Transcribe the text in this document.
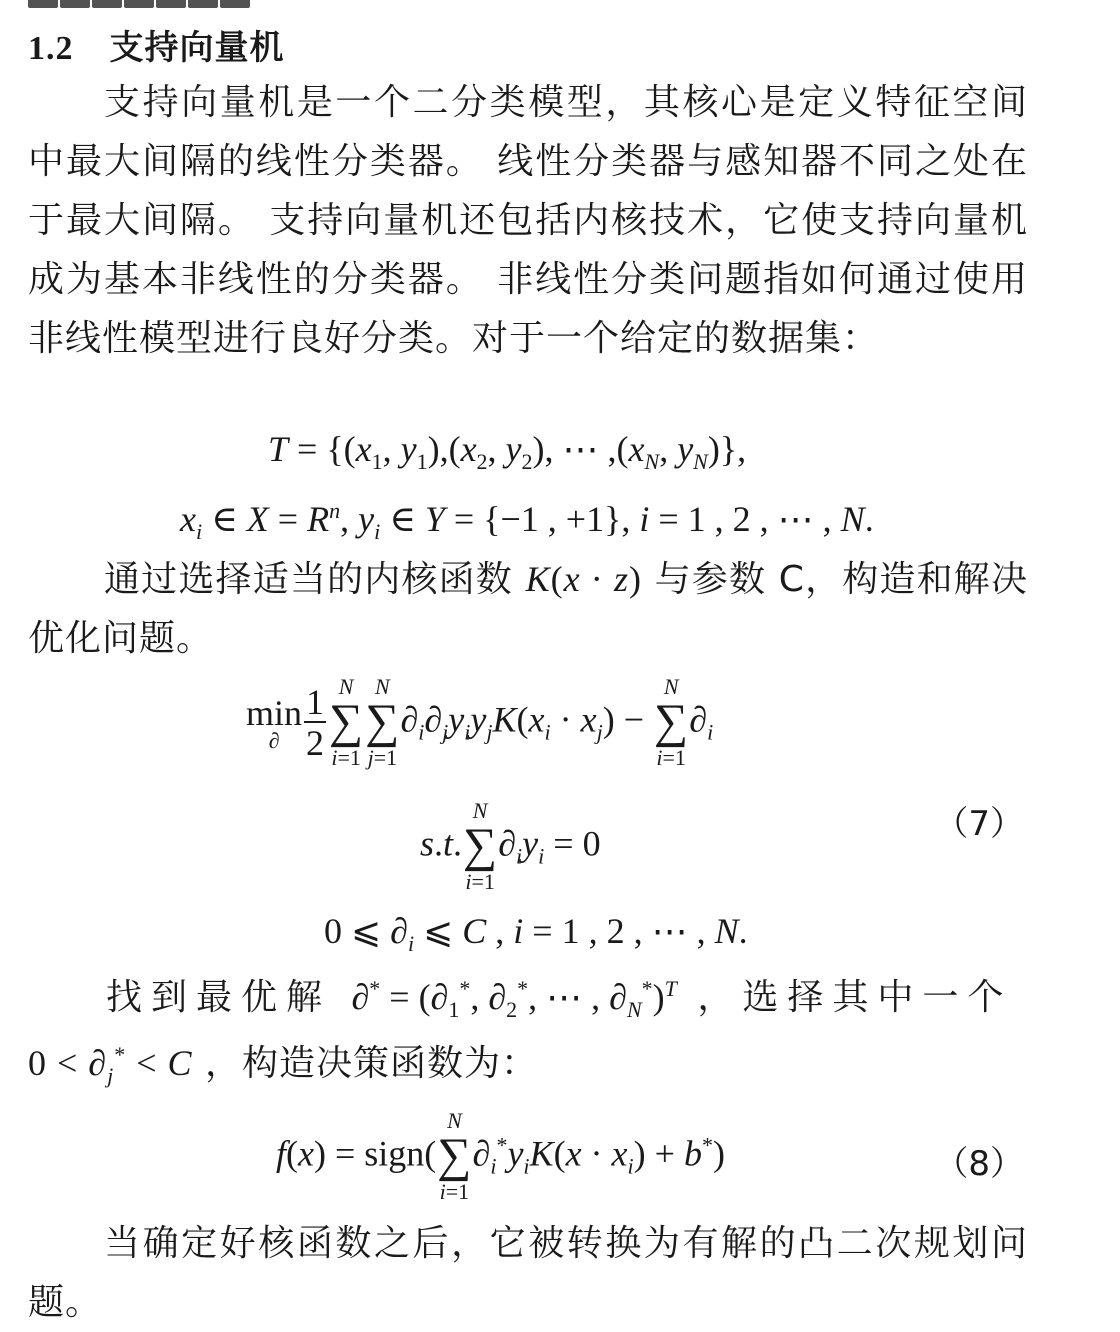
1.2 支持向量机
支持向量机是一个二分类模型，其核心是定义特征空间中最大间隔的线性分类器。 线性分类器与感知器不同之处在于最大间隔。 支持向量机还包括内核技术，它使支持向量机成为基本非线性的分类器。 非线性分类问题指如何通过使用非线性模型进行良好分类。对于一个给定的数据集：
$T = \{(x_1$, $y_1),(x_2$, $y_2$), ⋯ $,(x_N$, $y_N$)},
$x_i$ ∈ $X = R^n$, $y_i$ ∈ Y = {−1 , +1}, i = 1 , 2 , ⋯ , N.
通过选择适当的内核函数 K(x · z) 与参数 C，构造和解决优化问题。
min
∂ $\frac{1}{2}$ N
∑
i=1
N
∑
j=1
$\partial_i\partial_jy_iy_jK(x_i \cdot x_j)$ −
N
∑
i=1
$\partial_i$
s.t.
N
∑
i=1
$\partial_iy_i = 0$	（7）
0 ⩽ $\partial_i$ ⩽ C , i = 1 , 2 , ⋯ , N.
找到最优解 $\partial^* = (\partial_1^*$, $\partial_2^*$, ⋯ , $\partial_N^*)^T$ ，选择其中一个
$0 < \partial_j^* < C$ ，构造决策函数为：
f(x) = sign(
N
∑
i=1
$\partial_i^*y_iK(x \cdot x_i) + b^*$)	（8）
当确定好核函数之后，它被转换为有解的凸二次规划问题。
